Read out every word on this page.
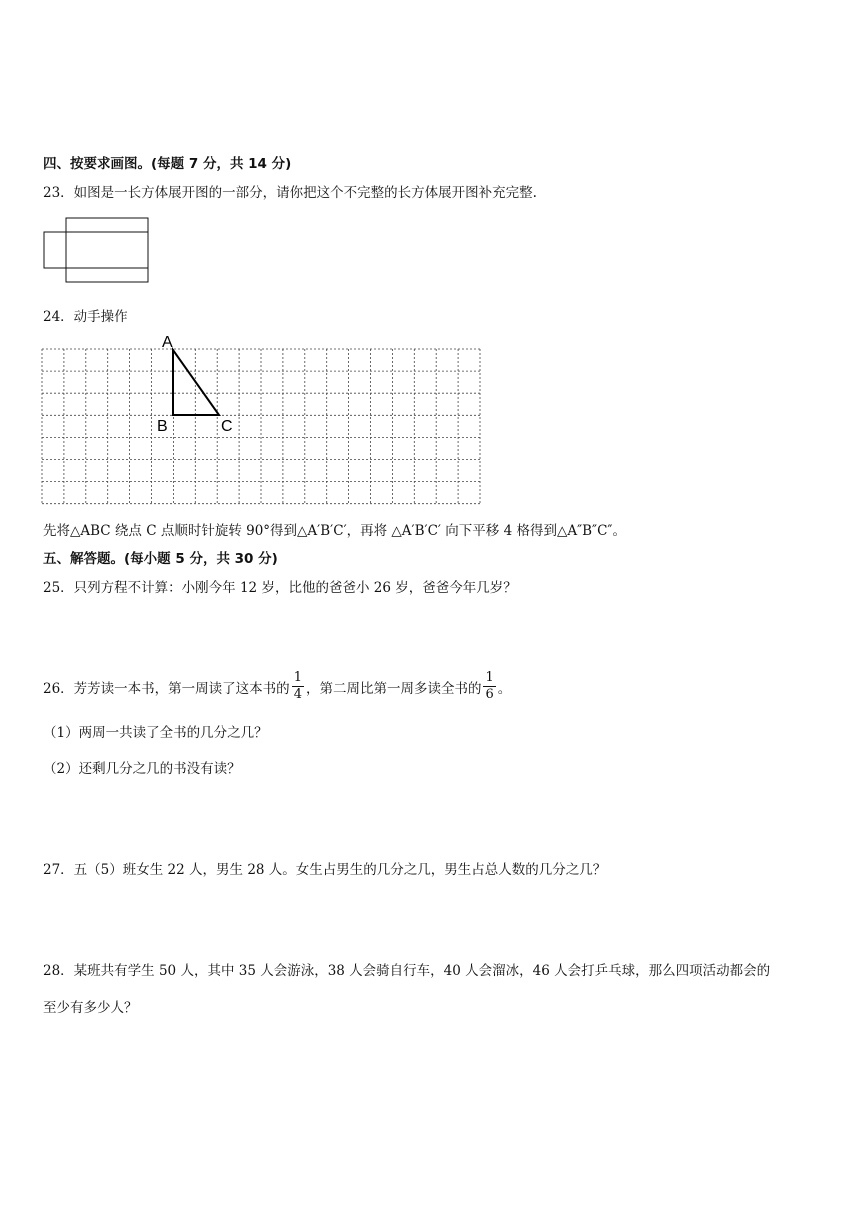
四、按要求画图。(每题 7 分，共 14 分)
23．如图是一长方体展开图的一部分，请你把这个不完整的长方体展开图补充完整.
24．动手操作
A
B	C
先将△ABC 绕点 C 点顺时针旋转 90°得到△A′B′C′，再将 △A′B′C′ 向下平移 4 格得到△A″B″C″。
五、解答题。(每小题 5 分，共 30 分)
25．只列方程不计算：小刚今年 12 岁，比他的爸爸小 26 岁，爸爸今年几岁？
26．芳芳读一本书，第一周读了这本书的 $\frac{1}{4}$ ，第二周比第一周多读全书的 $\frac{1}{6}$ 。
（1）两周一共读了全书的几分之几？
（2）还剩几分之几的书没有读？
27．五（5）班女生 22 人，男生 28 人。女生占男生的几分之几，男生占总人数的几分之几？
28．某班共有学生 50 人，其中 35 人会游泳，38 人会骑自行车，40 人会溜冰，46 人会打乒乓球，那么四项活动都会的
至少有多少人？
